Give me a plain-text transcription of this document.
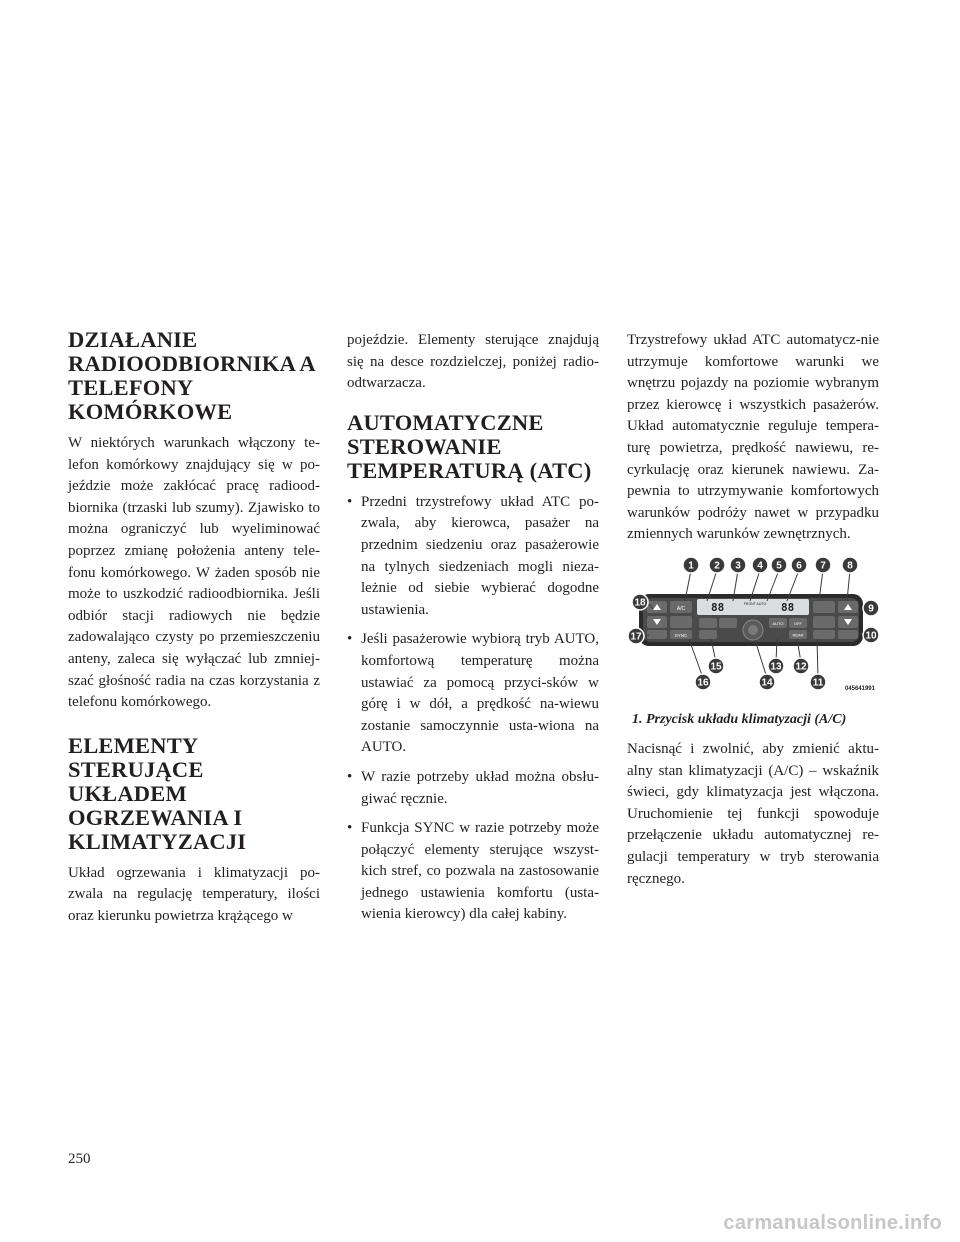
DZIAŁANIE RADIOODBIORNIKA A TELEFONY KOMÓRKOWE

W niektórych warunkach włączony te-lefon komórkowy znajdujący się w po-jeździe może zakłócać pracę radiood-biornika (trzaski lub szumy). Zjawisko to można ograniczyć lub wyeliminować poprzez zmianę położenia anteny tele-fonu komórkowego. W żaden sposób nie może to uszkodzić radioodbiornika. Jeśli odbiór stacji radiowych nie będzie zadowalająco czysty po przemieszczeniu anteny, zaleca się wyłączać lub zmniej-szać głośność radia na czas korzystania z telefonu komórkowego.

ELEMENTY STERUJĄCE UKŁADEM OGRZEWANIA I KLIMATYZACJI

Układ ogrzewania i klimatyzacji po-zwala na regulację temperatury, ilości oraz kierunku powietrza krążącego w

pojeździe. Elementy sterujące znajdują się na desce rozdzielczej, poniżej radio-odtwarzacza.

AUTOMATYCZNE STEROWANIE TEMPERATURĄ (ATC)
• Przedni trzystrefowy układ ATC po-zwala, aby kierowca, pasażer na przednim siedzeniu oraz pasażerowie na tylnych siedzeniach mogli nieza-leżnie od siebie wybierać dogodne ustawienia.
• Jeśli pasażerowie wybiorą tryb AUTO, komfortową temperaturę można ustawiać za pomocą przyci-sków w górę i w dół, a prędkość na-wiewu zostanie samoczynnie usta-wiona na AUTO.
• W razie potrzeby układ można obsłu-giwać ręcznie.
• Funkcja SYNC w razie potrzeby może połączyć elementy sterujące wszyst-kich stref, co pozwala na zastosowanie jednego ustawienia komfortu (usta-wienia kierowcy) dla całej kabiny.

Trzystrefowy układ ATC automatycz-nie utrzymuje komfortowe warunki we wnętrzu pojazdy na poziomie wybranym przez kierowcę i wszystkich pasażerów. Układ automatycznie reguluje tempera-turę powietrza, prędkość nawiewu, re-cyrkulację oraz kierunek nawiewu. Za-pewnia to utrzymywanie komfortowych warunków podróży nawet w przypadku zmiennych warunków zewnętrznych.

A/C
SYNC
88	88
FRONT AUTO
AUTO	OFF
REAR
1 2 3 4 5 6 7 8
9
10
11
12
13
14
15
16
17
18
045641991
1. Przycisk układu klimatyzacji (A/C)

Nacisnąć i zwolnić, aby zmienić aktu-alny stan klimatyzacji (A/C) – wskaźnik świeci, gdy klimatyzacja jest włączona. Uruchomienie tej funkcji spowoduje przełączenie układu automatycznej re-gulacji temperatury w tryb sterowania ręcznego.

250
carmanualsonline.info
